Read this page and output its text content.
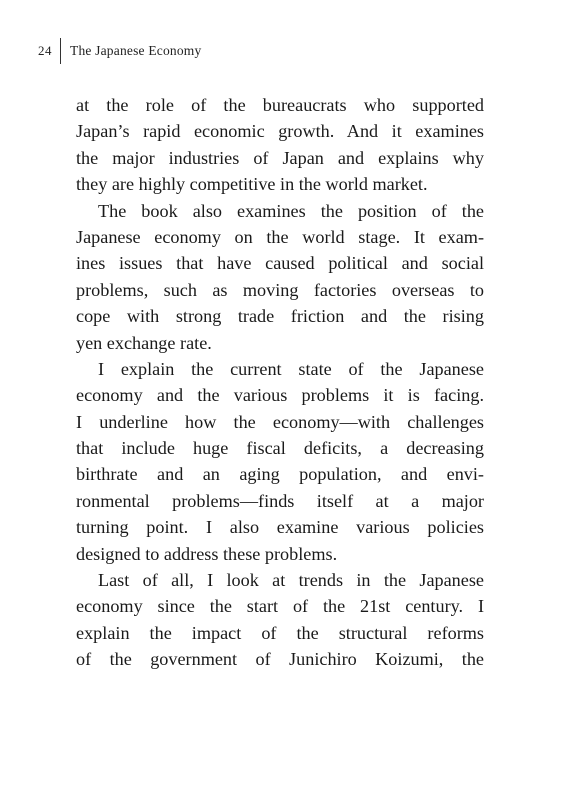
24	The Japanese Economy
at the role of the bureaucrats who supported
Japan’s rapid economic growth. And it examines
the major industries of Japan and explains why
they are highly competitive in the world market.
The book also examines the position of the
Japanese economy on the world stage. It exam-
ines issues that have caused political and social
problems, such as moving factories overseas to
cope with strong trade friction and the rising
yen exchange rate.
I explain the current state of the Japanese
economy and the various problems it is facing.
I underline how the economy—with challenges
that include huge fiscal deficits, a decreasing
birthrate and an aging population, and envi-
ronmental problems—finds itself at a major
turning point. I also examine various policies
designed to address these problems.
Last of all, I look at trends in the Japanese
economy since the start of the 21st century. I
explain the impact of the structural reforms
of the government of Junichiro Koizumi, the
